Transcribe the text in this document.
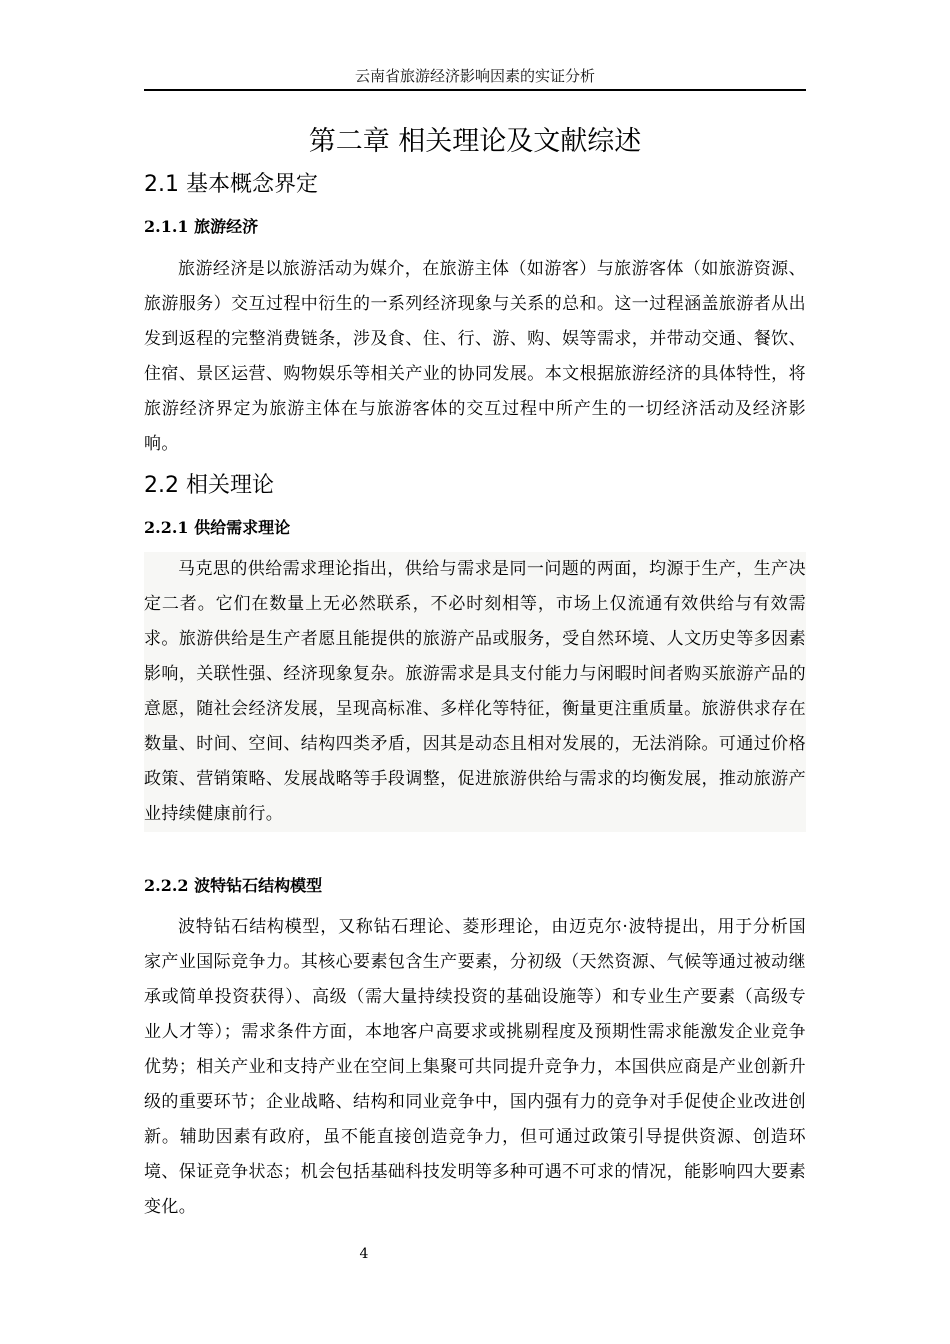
云南省旅游经济影响因素的实证分析
第二章 相关理论及文献综述
2.1 基本概念界定
2.1.1 旅游经济

旅游经济是以旅游活动为媒介，在旅游主体（如游客）与旅游客体（如旅游资源、旅游服务）交互过程中衍生的一系列经济现象与关系的总和。这一过程涵盖旅游者从出发到返程的完整消费链条，涉及食、住、行、游、购、娱等需求，并带动交通、餐饮、住宿、景区运营、购物娱乐等相关产业的协同发展。本文根据旅游经济的具体特性，将旅游经济界定为旅游主体在与旅游客体的交互过程中所产生的一切经济活动及经济影响。

2.2 相关理论
2.2.1 供给需求理论

马克思的供给需求理论指出，供给与需求是同一问题的两面，均源于生产，生产决定二者。它们在数量上无必然联系，不必时刻相等，市场上仅流通有效供给与有效需求。旅游供给是生产者愿且能提供的旅游产品或服务，受自然环境、人文历史等多因素影响，关联性强、经济现象复杂。旅游需求是具支付能力与闲暇时间者购买旅游产品的意愿，随社会经济发展，呈现高标准、多样化等特征，衡量更注重质量。旅游供求存在数量、时间、空间、结构四类矛盾，因其是动态且相对发展的，无法消除。可通过价格政策、营销策略、发展战略等手段调整，促进旅游供给与需求的均衡发展，推动旅游产业持续健康前行。

2.2.2 波特钻石结构模型

波特钻石结构模型，又称钻石理论、菱形理论，由迈克尔·波特提出，用于分析国家产业国际竞争力。其核心要素包含生产要素，分初级（天然资源、气候等通过被动继承或简单投资获得）、高级（需大量持续投资的基础设施等）和专业生产要素（高级专业人才等）；需求条件方面，本地客户高要求或挑剔程度及预期性需求能激发企业竞争优势；相关产业和支持产业在空间上集聚可共同提升竞争力，本国供应商是产业创新升级的重要环节；企业战略、结构和同业竞争中，国内强有力的竞争对手促使企业改进创新。辅助因素有政府，虽不能直接创造竞争力，但可通过政策引导提供资源、创造环境、保证竞争状态；机会包括基础科技发明等多种可遇不可求的情况，能影响四大要素变化。

4
